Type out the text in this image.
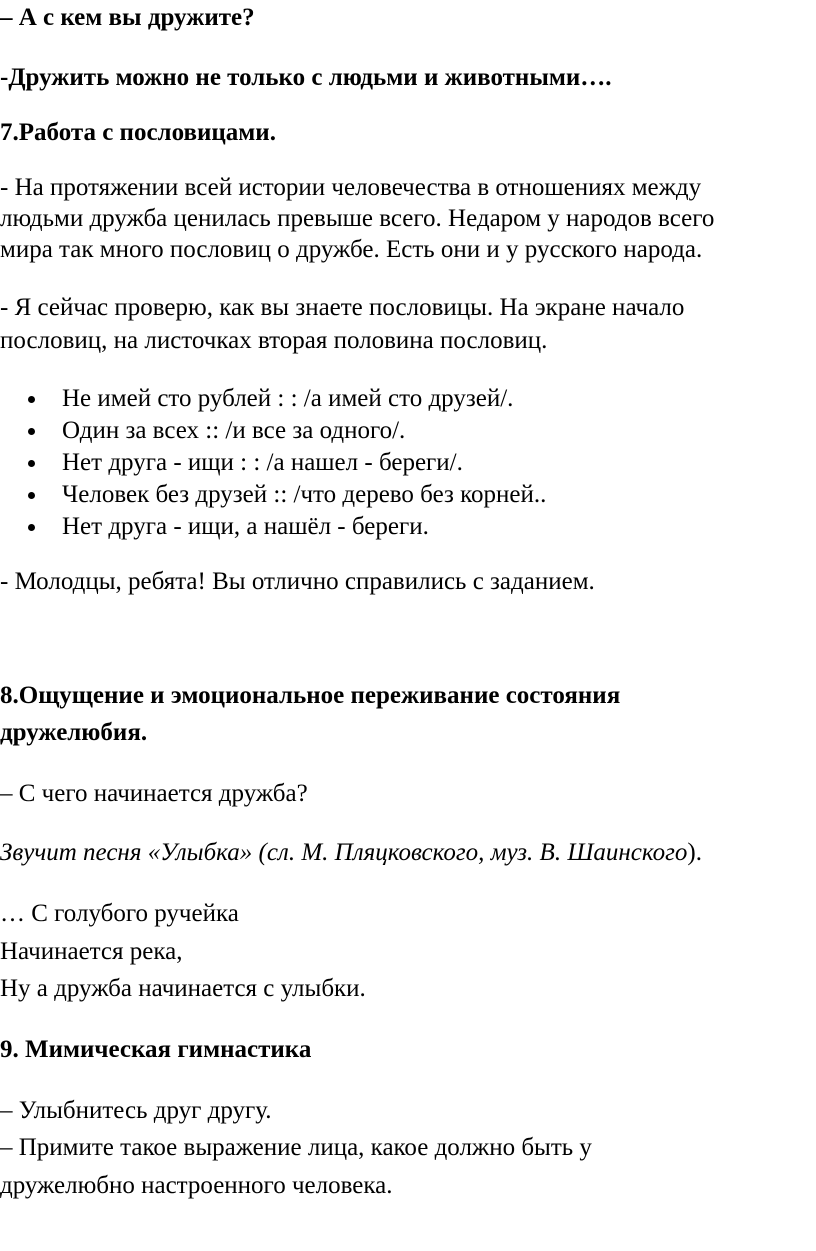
– А с кем вы дружите?

-Дружить можно не только с людьми и животными….

7.Работа с пословицами.

- На протяжении всей истории человечества в отношениях между

людьми дружба ценилась превыше всего. Недаром у народов всего

мира так много пословиц о дружбе. Есть они и у русского народа.

- Я сейчас проверю, как вы знаете пословицы. На экране начало

пословиц, на листочках вторая половина пословиц.

Не имей сто рублей : : /а имей сто друзей/.
Один за всех :: /и все за одного/.
Нет друга - ищи : : /а нашел - береги/.
Человек без друзей :: /что дерево без корней..
Нет друга - ищи, а нашёл - береги.

- Молодцы, ребята! Вы отлично справились с заданием.

8.Ощущение и эмоциональное переживание состояния

дружелюбия.

– С чего начинается дружба?

Звучит песня «Улыбка» (сл. М. Пляцковского, муз. В. Шаинского).

… С голубого ручейка

Начинается река,

Ну а дружба начинается с улыбки.

9. Мимическая гимнастика

– Улыбнитесь друг другу.

– Примите такое выражение лица, какое должно быть у

дружелюбно настроенного человека.
